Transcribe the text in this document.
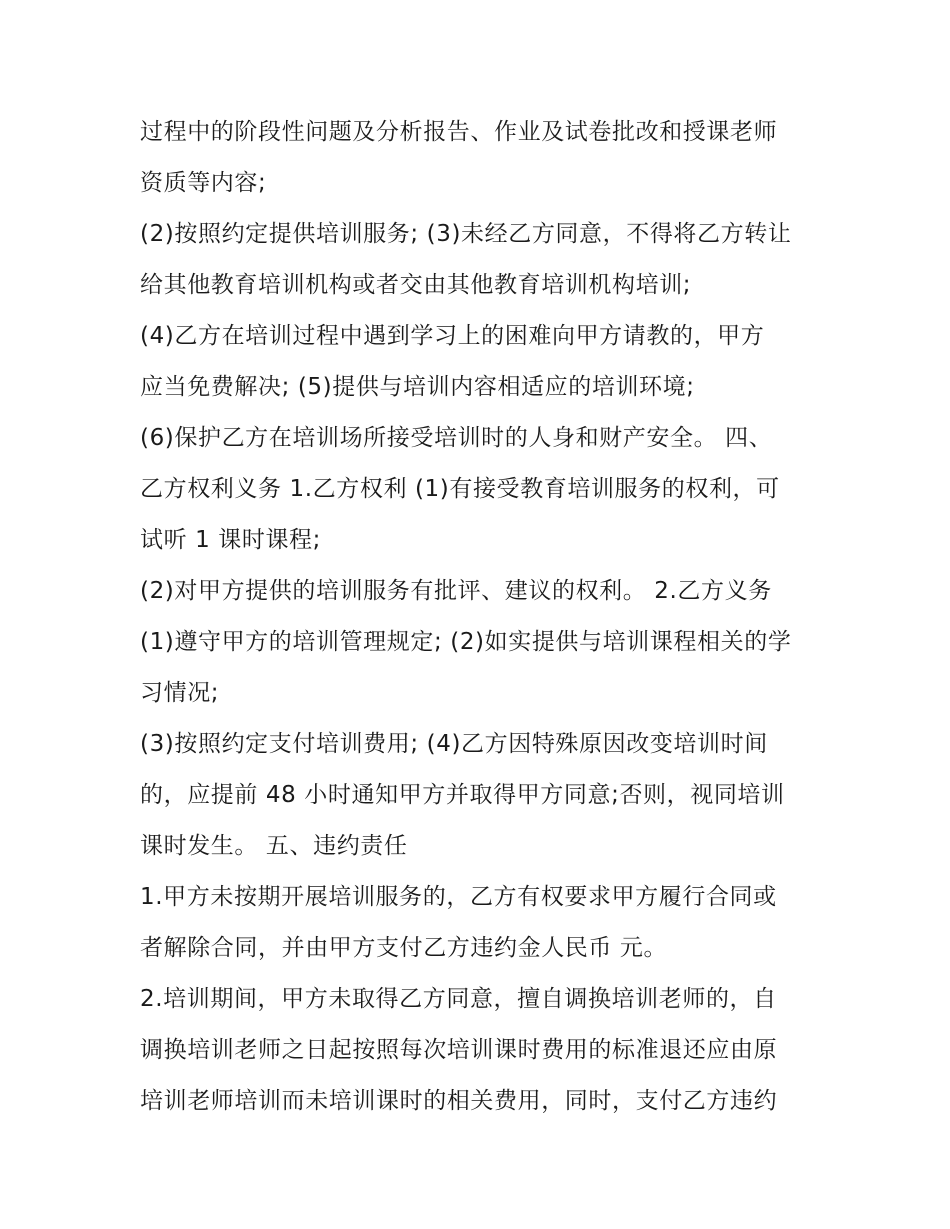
过程中的阶段性问题及分析报告、作业及试卷批改和授课老师
资质等内容;
(2)按照约定提供培训服务; (3)未经乙方同意，不得将乙方转让
给其他教育培训机构或者交由其他教育培训机构培训;
(4)乙方在培训过程中遇到学习上的困难向甲方请教的，甲方
应当免费解决; (5)提供与培训内容相适应的培训环境;
(6)保护乙方在培训场所接受培训时的人身和财产安全。 四、
乙方权利义务 1.乙方权利 (1)有接受教育培训服务的权利，可
试听 1 课时课程;
(2)对甲方提供的培训服务有批评、建议的权利。 2.乙方义务
(1)遵守甲方的培训管理规定; (2)如实提供与培训课程相关的学
习情况;
(3)按照约定支付培训费用; (4)乙方因特殊原因改变培训时间
的，应提前 48 小时通知甲方并取得甲方同意;否则，视同培训
课时发生。 五、违约责任
1.甲方未按期开展培训服务的，乙方有权要求甲方履行合同或
者解除合同，并由甲方支付乙方违约金人民币 元。
2.培训期间，甲方未取得乙方同意，擅自调换培训老师的，自
调换培训老师之日起按照每次培训课时费用的标准退还应由原
培训老师培训而未培训课时的相关费用，同时，支付乙方违约
